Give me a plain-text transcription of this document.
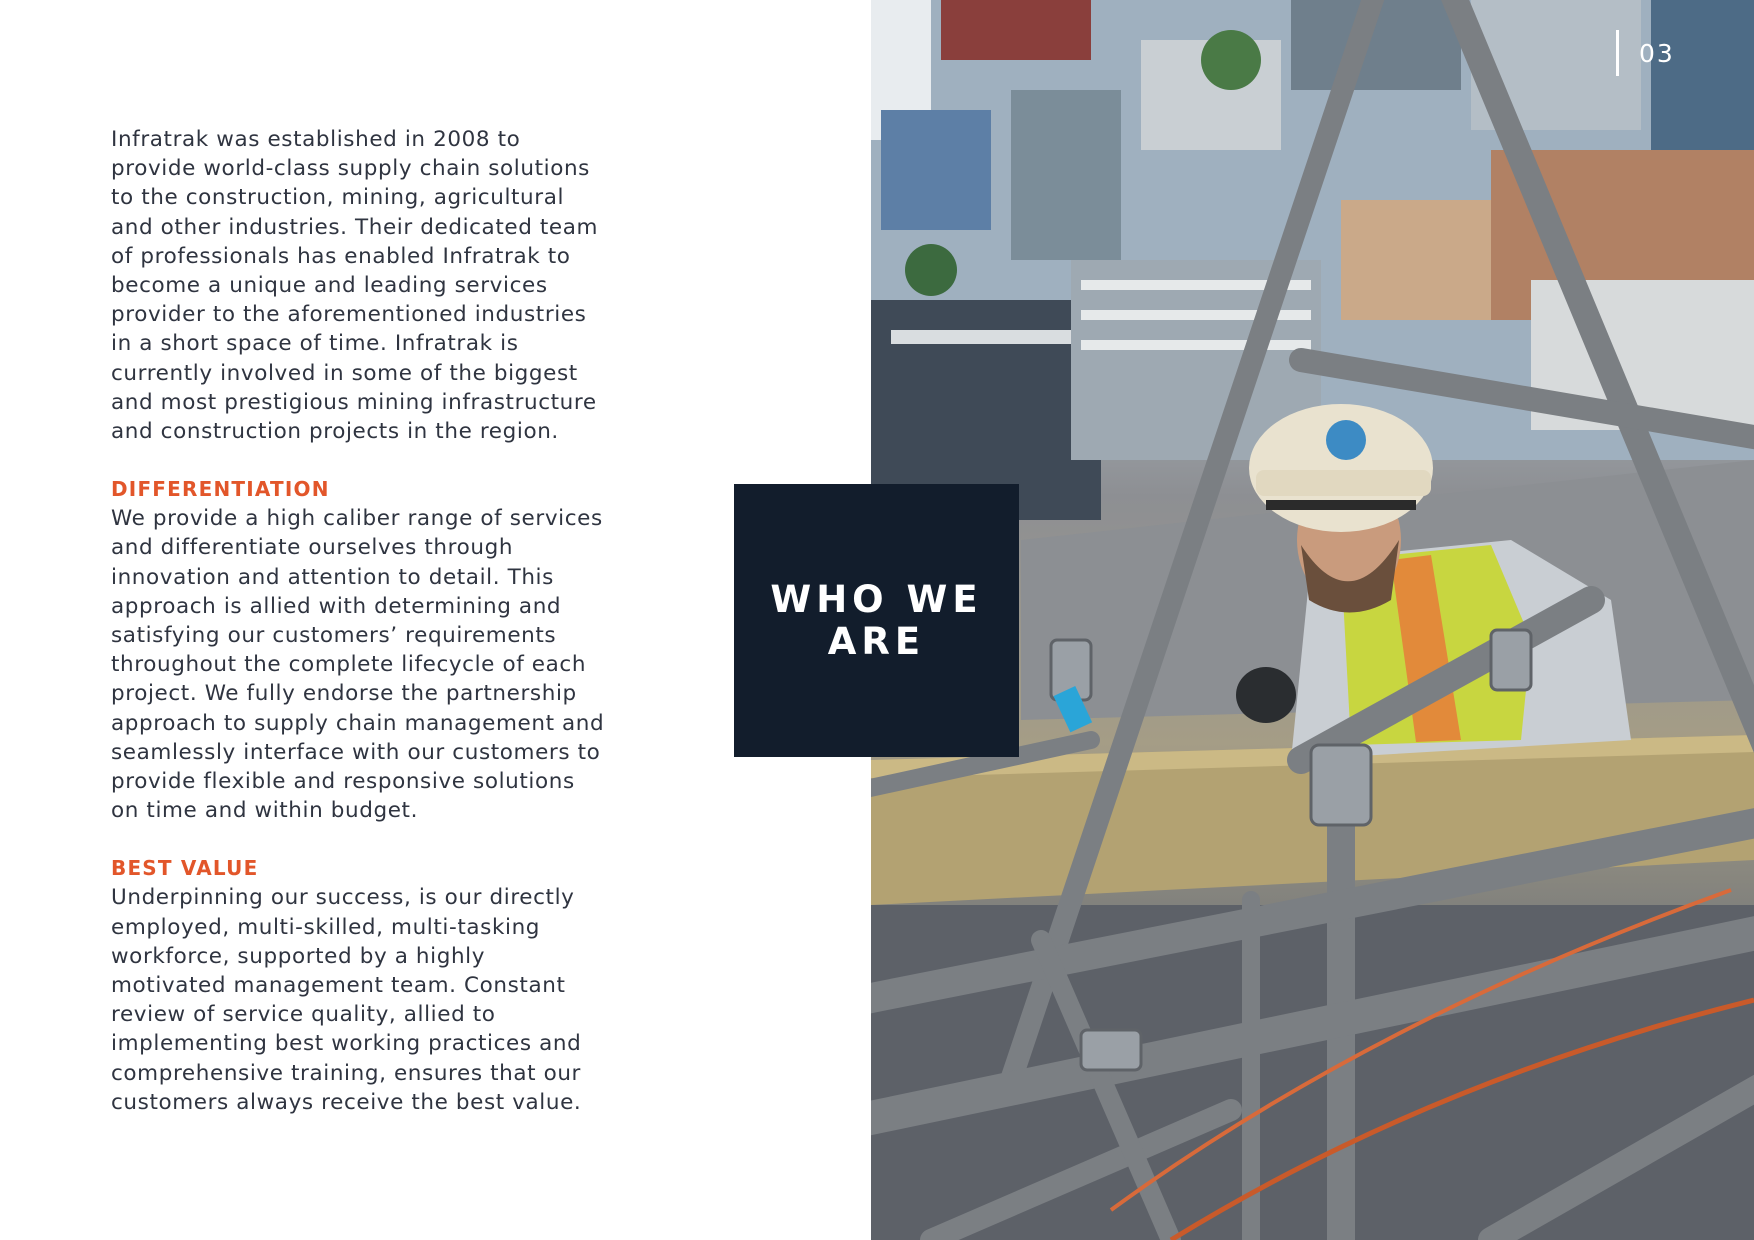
Infratrak was established in 2008 to
provide world-class supply chain solutions
to the construction, mining, agricultural
and other industries. Their dedicated team
of professionals has enabled Infratrak to
become a unique and leading services
provider to the aforementioned industries
in a short space of time. Infratrak is
currently involved in some of the biggest
and most prestigious mining infrastructure
and construction projects in the region.

DIFFERENTIATION

We provide a high caliber range of services
and differentiate ourselves through
innovation and attention to detail. This
approach is allied with determining and
satisfying our customers’ requirements
throughout the complete lifecycle of each
project. We fully endorse the partnership
approach to supply chain management and
seamlessly interface with our customers to
provide flexible and responsive solutions
on time and within budget.

BEST VALUE

Underpinning our success, is our directly
employed, multi-skilled, multi-tasking
workforce, supported by a highly
motivated management team. Constant
review of service quality, allied to
implementing best working practices and
comprehensive training, ensures that our
customers always receive the best value.

03
WHO WE ARE
